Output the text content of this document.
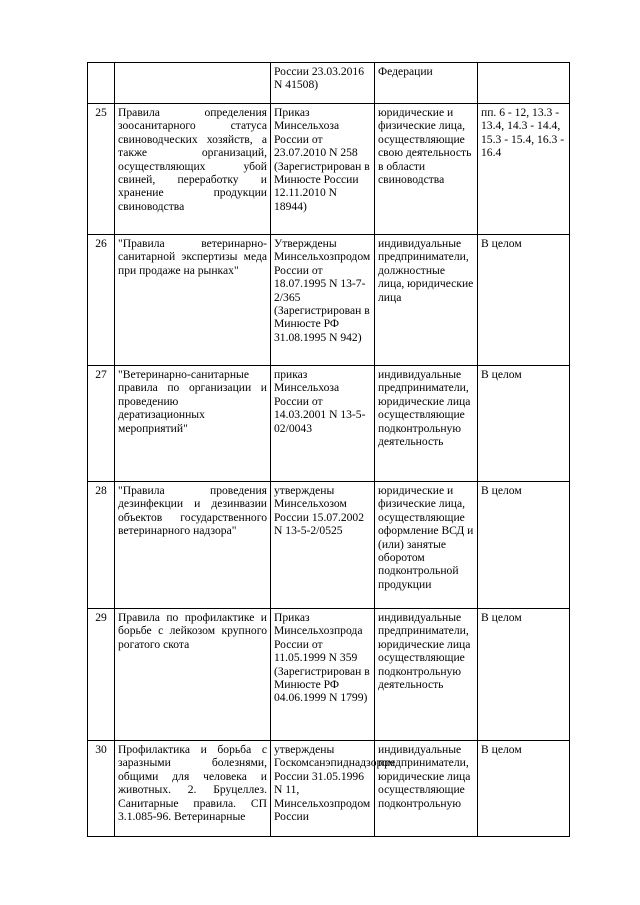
		России 23.03.2016 N 41508)	Федерации	
25	Правила определения зоосанитарного статуса свиноводческих хозяйств, а также организаций, осуществляющих убой свиней, переработку и хранение продукции свиноводства	Приказ Минсельхоза России от 23.07.2010 N 258 (Зарегистрирован в Минюсте России 12.11.2010 N 18944)	юридические и физические лица, осуществляющие свою деятельность в области свиноводства	пп. 6 - 12, 13.3 - 13.4, 14.3 - 14.4, 15.3 - 15.4, 16.3 - 16.4
26	"Правила ветеринарно-санитарной экспертизы меда при продаже на рынках"	Утверждены Минсельхозпродом России от 18.07.1995 N 13-7-2/365 (Зарегистрирован в Минюсте РФ 31.08.1995 N 942)	индивидуальные предприниматели, должностные лица, юридические лица	В целом
27	"Ветеринарно-санитарные правила по организации и проведению дератизационных мероприятий"	приказ Минсельхоза России от 14.03.2001 N 13-5-02/0043	индивидуальные предприниматели, юридические лица осуществляющие подконтрольную деятельность	В целом
28	"Правила проведения дезинфекции и дезинвазии объектов государственного ветеринарного надзора"	утверждены Минсельхозом России 15.07.2002 N 13-5-2/0525	юридические и физические лица, осуществляющие оформление ВСД и (или) занятые оборотом подконтрольной продукции	В целом
29	Правила по профилактике и борьбе с лейкозом крупного рогатого скота	Приказ Минсельхозпрода России от 11.05.1999 N 359 (Зарегистрирован в Минюсте РФ 04.06.1999 N 1799)	индивидуальные предприниматели, юридические лица осуществляющие подконтрольную деятельность	В целом
30	Профилактика и борьба с заразными болезнями, общими для человека и животных. 2. Бруцеллез. Санитарные правила. СП 3.1.085-96. Ветеринарные	утверждены Госкомсанэпиднадзором России 31.05.1996 N 11, Минсельхозпродом России	индивидуальные предприниматели, юридические лица осуществляющие подконтрольную	В целом
